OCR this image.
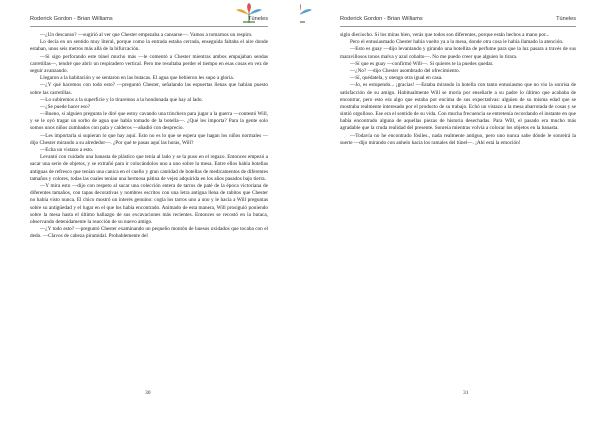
Roderick Gordon - Brian Williams	Túneles

—¿Un descanso? —sugirió al ver que Chester empezaba a cansarse—. Vamos a tomarnos un respiro.

Lo decía en un sentido muy literal, porque como la entrada estaba cerrada, enseguida faltaba el aire donde estaban, unos seis metros más allá de la bifurcación.

—Si sigo perforando este túnel mucho más —le comentó a Chester mientras ambos empujaban sendas carretillas—, tendré que abrir un respiradero vertical. Pero me resultaba perder el tiempo en esas cosas en vez de seguir avanzando.

Llegaron a la habitación y se sentaron en las butacas. El agua que bebieron les supo a gloria.

—¿Y qué hacemos con todo esto? —preguntó Chester, señalando las espuertas llenas que habían puesto sobre las carretillas.

—Lo subiremos a la superficie y lo tiraremos a la hondonada que hay al lado.

—¿Se puede hacer eso?

—Bueno, si alguien pregunta le diré que estoy cavando una trinchera para jugar a la guerra —contestó Will, y se le oyó tragar un sorbo de agua que había tomado de la botella—. ¿Qué les importa? Para la gente solo somos unos niños zumbados con pala y calderos —añadió con desprecio.

—Les importaría si supieran lo que hay aquí. Esto no es lo que se espera que hagan los niños normales —dijo Chester mirando a su alrededor—. ¿Por qué te pasas aquí las horas, Will?

—Echa un vistazo a esto.

Levantó con cuidado una banasta de plástico que tenía al lado y se la puso en el regazo. Entonces empezó a sacar una serie de objetos, y se extrañó para ir colocándolos uno a uno sobre la mesa. Entre ellos había botellas antiguas de refresco que tenían una canica en el cuello y gran cantidad de botellas de medicamentos de diferentes tamaños y colores, todas las cuales tenían una hermosa pátina de vejez adquirida en los años pasados bajo tierra.

—Y mira esto —dijo con respeto al sacar una colección entera de tarros de paté de la época victoriana de diferentes tamaños, con tapas decorativas y nombres escritos con una letra antigua llena de rabitos que Chester no había visto nunca. El chico mostró un interés genuino: cogía los tarros uno a uno y le hacía a Will preguntas sobre su antigüedad y el lugar en el que los había encontrado. Animado de esta manera, Will prosiguió poniendo sobre la mesa hasta el último hallazgo de sus excavaciones más recientes. Entonces se recostó en la butaca, observando detenidamente la reacción de su nuevo amigo.

—¿Y todo esto? —preguntó Chester examinando un pequeño montón de huesos oxidados que tocaba con el dedo. —Clavos de cabeza piramidal. Probablemente del

30
Roderick Gordon - Brian Williams	Túneles

siglo dieciocho. Si los miras bien, verás que todos son diferentes, porque están hechos a mano por...

Pero el entusiasmado Chester había vuelto ya a la mesa, donde otra cosa le había llamado la atención.

—Esto es guay —dijo levantando y girando una botellita de perfume para que la luz pasara a través de sus maravillosos tonos malva y azul cobalto—. No me puedo creer que alguien lo tirara.

—Sí que es guay —confirmó Will—. Si quieres te la puedes quedar.

—¿No? —dijo Chester asombrado del ofrecimiento.

—Sí, quédatela, y otengo otra igual en casa.

—Jo, es estupendo... ¡gracias! —Estaba mirando la botella con tanto entusiasmo que no vio la sonrisa de satisfacción de su amigo. Habitualmente Will se moría por enseñarle a su padre lo último que acababa de encontrar, pero esto era algo que estaba por encima de sus expectativas: alguien de su misma edad que se mostraba realmente interesado por el producto de su trabajo. Echó un vistazo a la mesa abarrotada de cosas y se sintió orgulloso. Ese era el sentido de su vida. Con mucha frecuencia se entretenía recordando el instante en que había encontrado alguna de aquellas piezas de historia desechadas. Para Will, el pasado era mucho más agradable que la cruda realidad del presente. Sonreía mientras volvía a colocar los objetos en la banasta.

—Todavía no he encontrado fósiles., nada realmente antiguo, pero uno nunca sabe dónde le sonreirá la suerte —dijo mirando con anhelo hacia los ramales del túnel—. ¡Ahí está la emoción!

31
